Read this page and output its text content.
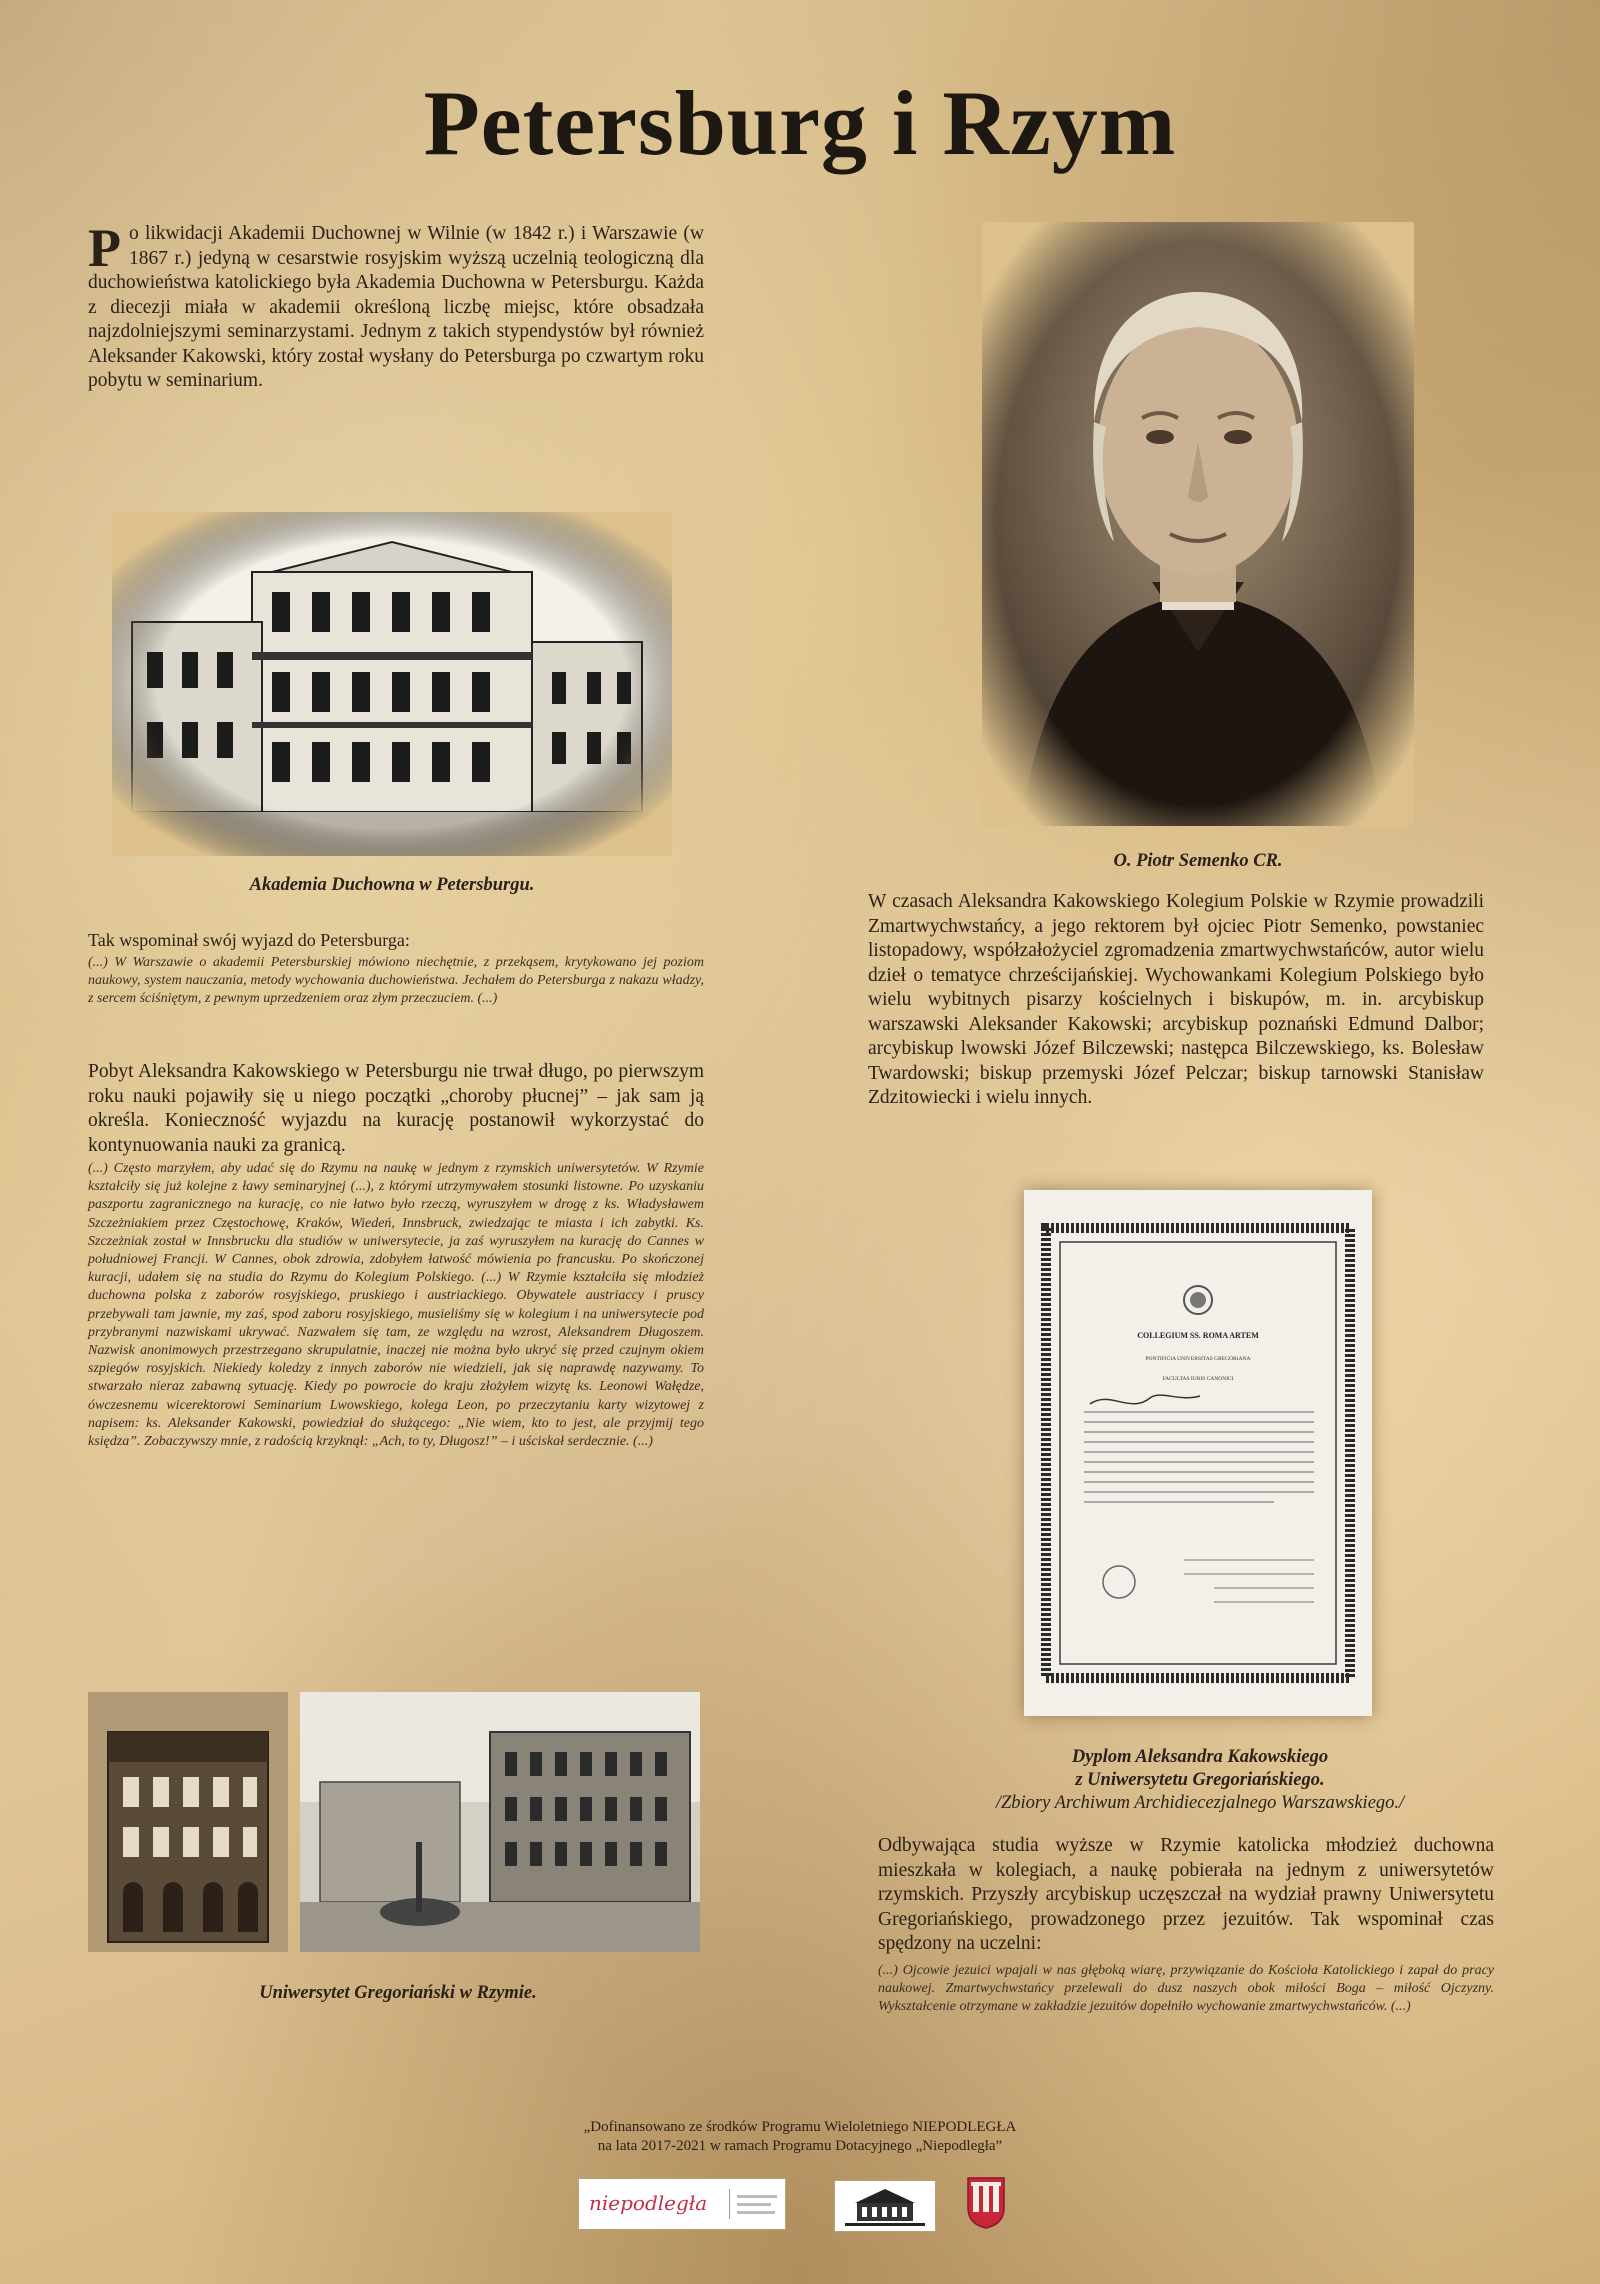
Petersburg i Rzym
Po likwidacji Akademii Duchownej w Wilnie (w 1842 r.) i Warszawie (w 1867 r.) jedyną w cesarstwie rosyjskim wyższą uczelnią teologiczną dla duchowieństwa katolickiego była Akademia Duchowna w Petersburgu. Każda z diecezji miała w akademii określoną liczbę miejsc, które obsadzała najzdolniejszymi seminarzystami. Jednym z takich stypendystów był również Aleksander Kakowski, który został wysłany do Petersburga po czwartym roku pobytu w seminarium.
Akademia Duchowna w Petersburgu.
Tak wspominał swój wyjazd do Petersburga:
(...) W Warszawie o akademii Petersburskiej mówiono niechętnie, z przekąsem, krytykowano jej poziom naukowy, system nauczania, metody wychowania duchowieństwa. Jechałem do Petersburga z nakazu władzy, z sercem ściśniętym, z pewnym uprzedzeniem oraz złym przeczuciem. (...)
Pobyt Aleksandra Kakowskiego w Petersburgu nie trwał długo, po pierwszym roku nauki pojawiły się u niego początki „choroby płucnej” – jak sam ją określa. Konieczność wyjazdu na kurację postanowił wykorzystać do kontynuowania nauki za granicą.
(...) Często marzyłem, aby udać się do Rzymu na naukę w jednym z rzymskich uniwersytetów. W Rzymie kształciły się już kolejne z ławy seminaryjnej (...), z którymi utrzymywałem stosunki listowne. Po uzyskaniu paszportu zagranicznego na kurację, co nie łatwo było rzeczą, wyruszyłem w drogę z ks. Władysławem Szczeżniakiem przez Częstochowę, Kraków, Wiedeń, Innsbruck, zwiedzając te miasta i ich zabytki. Ks. Szczeżniak został w Innsbrucku dla studiów w uniwersytecie, ja zaś wyruszyłem na kurację do Cannes w południowej Francji. W Cannes, obok zdrowia, zdobyłem łatwość mówienia po francusku. Po skończonej kuracji, udałem się na studia do Rzymu do Kolegium Polskiego. (...) W Rzymie kształciła się młodzież duchowna polska z zaborów rosyjskiego, pruskiego i austriackiego. Obywatele austriaccy i pruscy przebywali tam jawnie, my zaś, spod zaboru rosyjskiego, musieliśmy się w kolegium i na uniwersytecie pod przybranymi nazwiskami ukrywać. Nazwałem się tam, ze względu na wzrost, Aleksandrem Długoszem. Nazwisk anonimowych przestrzegano skrupulatnie, inaczej nie można było ukryć się przed czujnym okiem szpiegów rosyjskich. Niekiedy koledzy z innych zaborów nie wiedzieli, jak się naprawdę nazywamy. To stwarzało nieraz zabawną sytuację. Kiedy po powrocie do kraju złożyłem wizytę ks. Leonowi Wałędze, ówczesnemu wicerektorowi Seminarium Lwowskiego, kolega Leon, po przeczytaniu karty wizytowej z napisem: ks. Aleksander Kakowski, powiedział do służącego: „Nie wiem, kto to jest, ale przyjmij tego księdza”. Zobaczywszy mnie, z radością krzyknął: „Ach, to ty, Długosz!” – i uściskał serdecznie. (...)
Uniwersytet Gregoriański w Rzymie.
O. Piotr Semenko CR.
W czasach Aleksandra Kakowskiego Kolegium Polskie w Rzymie prowadzili Zmartwychwstańcy, a jego rektorem był ojciec Piotr Semenko, powstaniec listopadowy, współzałożyciel zgromadzenia zmartwychwstańców, autor wielu dzieł o tematyce chrześcijańskiej. Wychowankami Kolegium Polskiego było wielu wybitnych pisarzy kościelnych i biskupów, m. in. arcybiskup warszawski Aleksander Kakowski; arcybiskup poznański Edmund Dalbor; arcybiskup lwowski Józef Bilczewski; następca Bilczewskiego, ks. Bolesław Twardowski; biskup przemyski Józef Pelczar; biskup tarnowski Stanisław Zdzitowiecki i wielu innych.
COLLEGIUM SS. ROMA ARTEM
PONTIFICIA UNIVERSITAS GREGORIANA
FACULTAS IURIS CANONICI
Dyplom Aleksandra Kakowskiego
z Uniwersytetu Gregoriańskiego.
/Zbiory Archiwum Archidiecezjalnego Warszawskiego./
Odbywająca studia wyższe w Rzymie katolicka młodzież duchowna mieszkała w kolegiach, a naukę pobierała na jednym z uniwersytetów rzymskich. Przyszły arcybiskup uczęszczał na wydział prawny Uniwersytetu Gregoriańskiego, prowadzonego przez jezuitów. Tak wspominał czas spędzony na uczelni:
(...) Ojcowie jezuici wpajali w nas głęboką wiarę, przywiązanie do Kościoła Katolickiego i zapał do pracy naukowej. Zmartwychwstańcy przelewali do dusz naszych obok miłości Boga – miłość Ojczyzny. Wykształcenie otrzymane w zakładzie jezuitów dopełniło wychowanie zmartwychwstańców. (...)
„Dofinansowano ze środków Programu Wieloletniego NIEPODLEGŁA
na lata 2017-2021 w ramach Programu Dotacyjnego „Niepodległa”
niepodległa
